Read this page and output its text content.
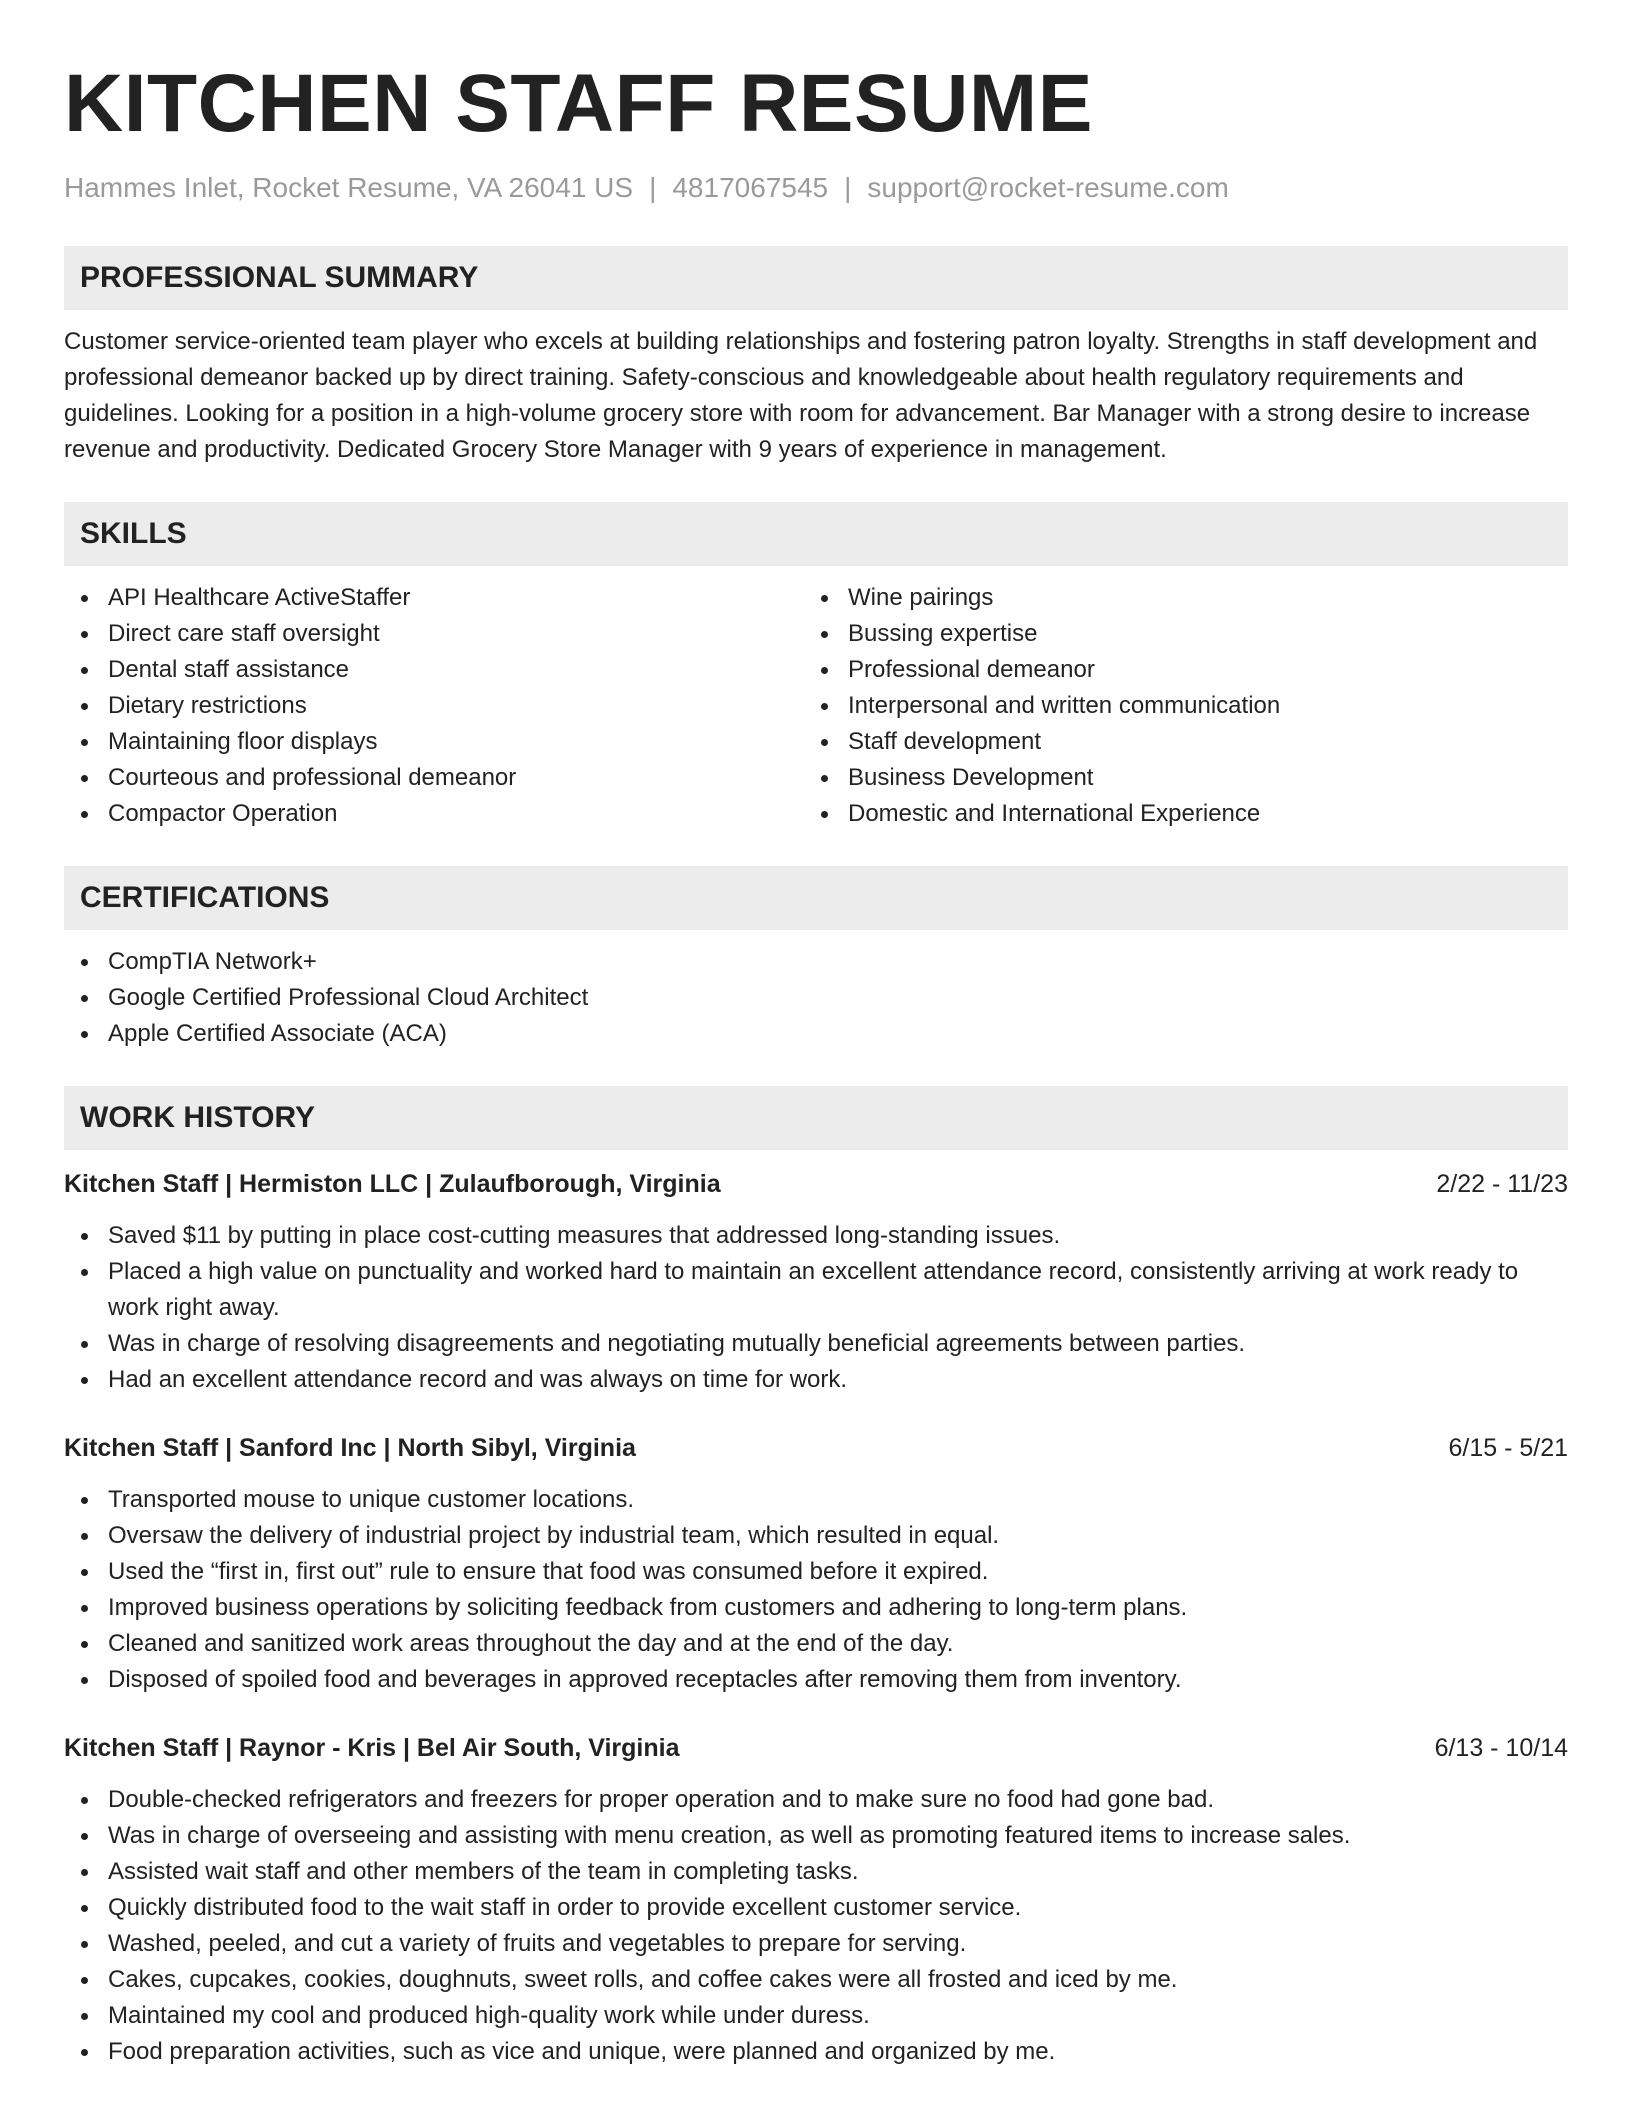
KITCHEN STAFF RESUME
Hammes Inlet, Rocket Resume, VA 26041 US | 4817067545 | support@rocket-resume.com
PROFESSIONAL SUMMARY
Customer service-oriented team player who excels at building relationships and fostering patron loyalty. Strengths in staff development and professional demeanor backed up by direct training. Safety-conscious and knowledgeable about health regulatory requirements and guidelines. Looking for a position in a high-volume grocery store with room for advancement. Bar Manager with a strong desire to increase revenue and productivity. Dedicated Grocery Store Manager with 9 years of experience in management.
SKILLS
API Healthcare ActiveStaffer
Direct care staff oversight
Dental staff assistance
Dietary restrictions
Maintaining floor displays
Courteous and professional demeanor
Compactor Operation
Wine pairings
Bussing expertise
Professional demeanor
Interpersonal and written communication
Staff development
Business Development
Domestic and International Experience
CERTIFICATIONS
CompTIA Network+
Google Certified Professional Cloud Architect
Apple Certified Associate (ACA)
WORK HISTORY
Kitchen Staff | Hermiston LLC | Zulaufborough, Virginia	2/22 - 11/23
Saved $11 by putting in place cost-cutting measures that addressed long-standing issues.
Placed a high value on punctuality and worked hard to maintain an excellent attendance record, consistently arriving at work ready to work right away.
Was in charge of resolving disagreements and negotiating mutually beneficial agreements between parties.
Had an excellent attendance record and was always on time for work.
Kitchen Staff | Sanford Inc | North Sibyl, Virginia	6/15 - 5/21
Transported mouse to unique customer locations.
Oversaw the delivery of industrial project by industrial team, which resulted in equal.
Used the “first in, first out” rule to ensure that food was consumed before it expired.
Improved business operations by soliciting feedback from customers and adhering to long-term plans.
Cleaned and sanitized work areas throughout the day and at the end of the day.
Disposed of spoiled food and beverages in approved receptacles after removing them from inventory.
Kitchen Staff | Raynor - Kris | Bel Air South, Virginia	6/13 - 10/14
Double-checked refrigerators and freezers for proper operation and to make sure no food had gone bad.
Was in charge of overseeing and assisting with menu creation, as well as promoting featured items to increase sales.
Assisted wait staff and other members of the team in completing tasks.
Quickly distributed food to the wait staff in order to provide excellent customer service.
Washed, peeled, and cut a variety of fruits and vegetables to prepare for serving.
Cakes, cupcakes, cookies, doughnuts, sweet rolls, and coffee cakes were all frosted and iced by me.
Maintained my cool and produced high-quality work while under duress.
Food preparation activities, such as vice and unique, were planned and organized by me.
